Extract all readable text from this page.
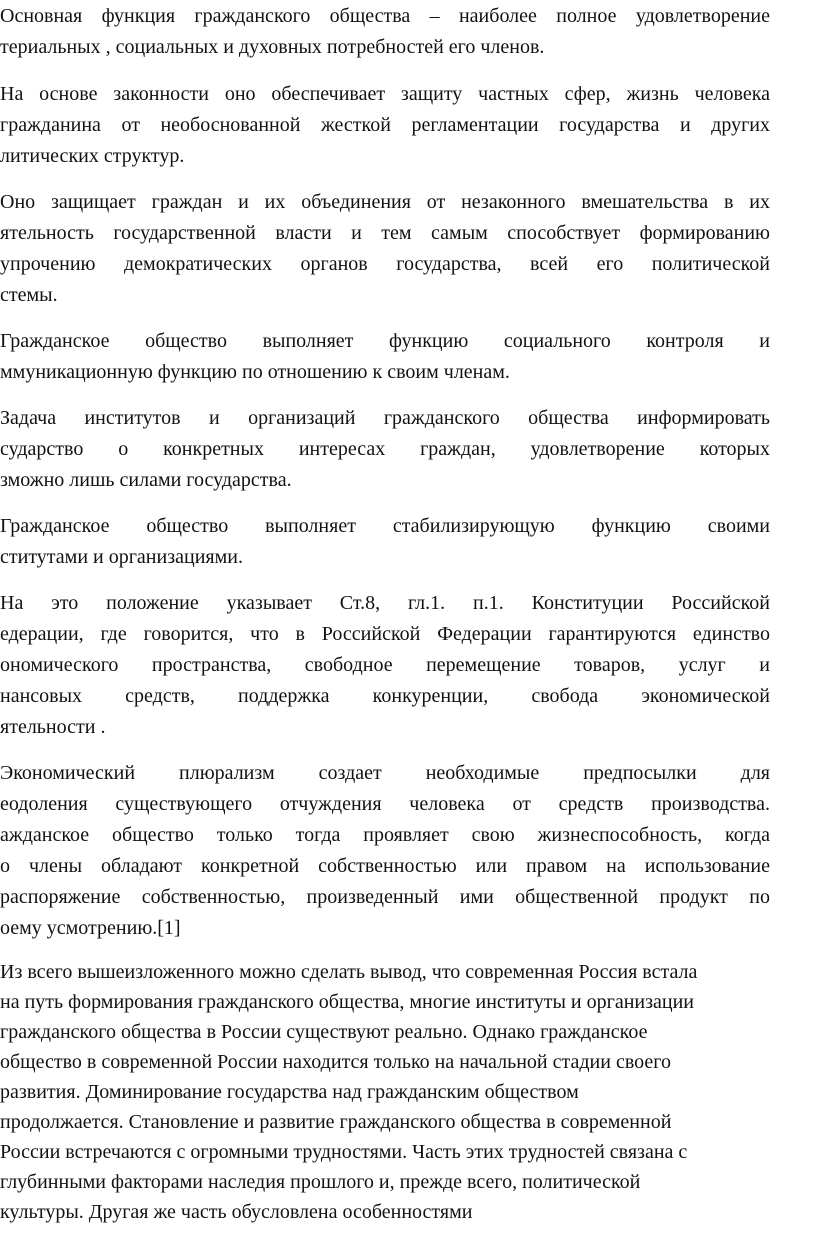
Основная функция гражданского общества – наиболее полное удовлетворение
териальных , социальных и духовных потребностей его членов.
На основе законности оно обеспечивает защиту частных сфер, жизнь человека
гражданина от необоснованной жесткой регламентации государства и других
литических структур.
Оно защищает граждан и их объединения от незаконного вмешательства в их
ятельность государственной власти и тем самым способствует формированию
упрочению демократических органов государства, всей его политической
стемы.
Гражданское общество выполняет функцию социального контроля и
ммуникационную функцию по отношению к своим членам.
Задача институтов и организаций гражданского общества информировать
сударство о конкретных интересах граждан, удовлетворение которых
зможно лишь силами государства.
Гражданское общество выполняет стабилизирующую функцию своими
ститутами и организациями.
На это положение указывает Ст.8, гл.1. п.1. Конституции Российской
едерации, где говорится, что в Российской Федерации гарантируются единство
ономического пространства, свободное перемещение товаров, услуг и
нансовых средств, поддержка конкуренции, свобода экономической
ятельности .
Экономический плюрализм создает необходимые предпосылки для
еодоления существующего отчуждения человека от средств производства.
ажданское общество только тогда проявляет свою жизнеспособность, когда
о члены обладают конкретной собственностью или правом на использование
распоряжение собственностью, произведенный ими общественной продукт по
оему усмотрению.[1]
Из всего вышеизложенного можно сделать вывод, что современная Россия встала
на путь формирования гражданского общества, многие институты и организации
гражданского общества в России существуют реально. Однако гражданское
общество в современной России находится только на начальной стадии своего
развития. Доминирование государства над гражданским обществом
продолжается. Становление и развитие гражданского общества в современной
России встречаются с огромными трудностями. Часть этих трудностей связана с
глубинными факторами наследия прошлого и, прежде всего, политической
культуры. Другая же часть обусловлена особенностями
